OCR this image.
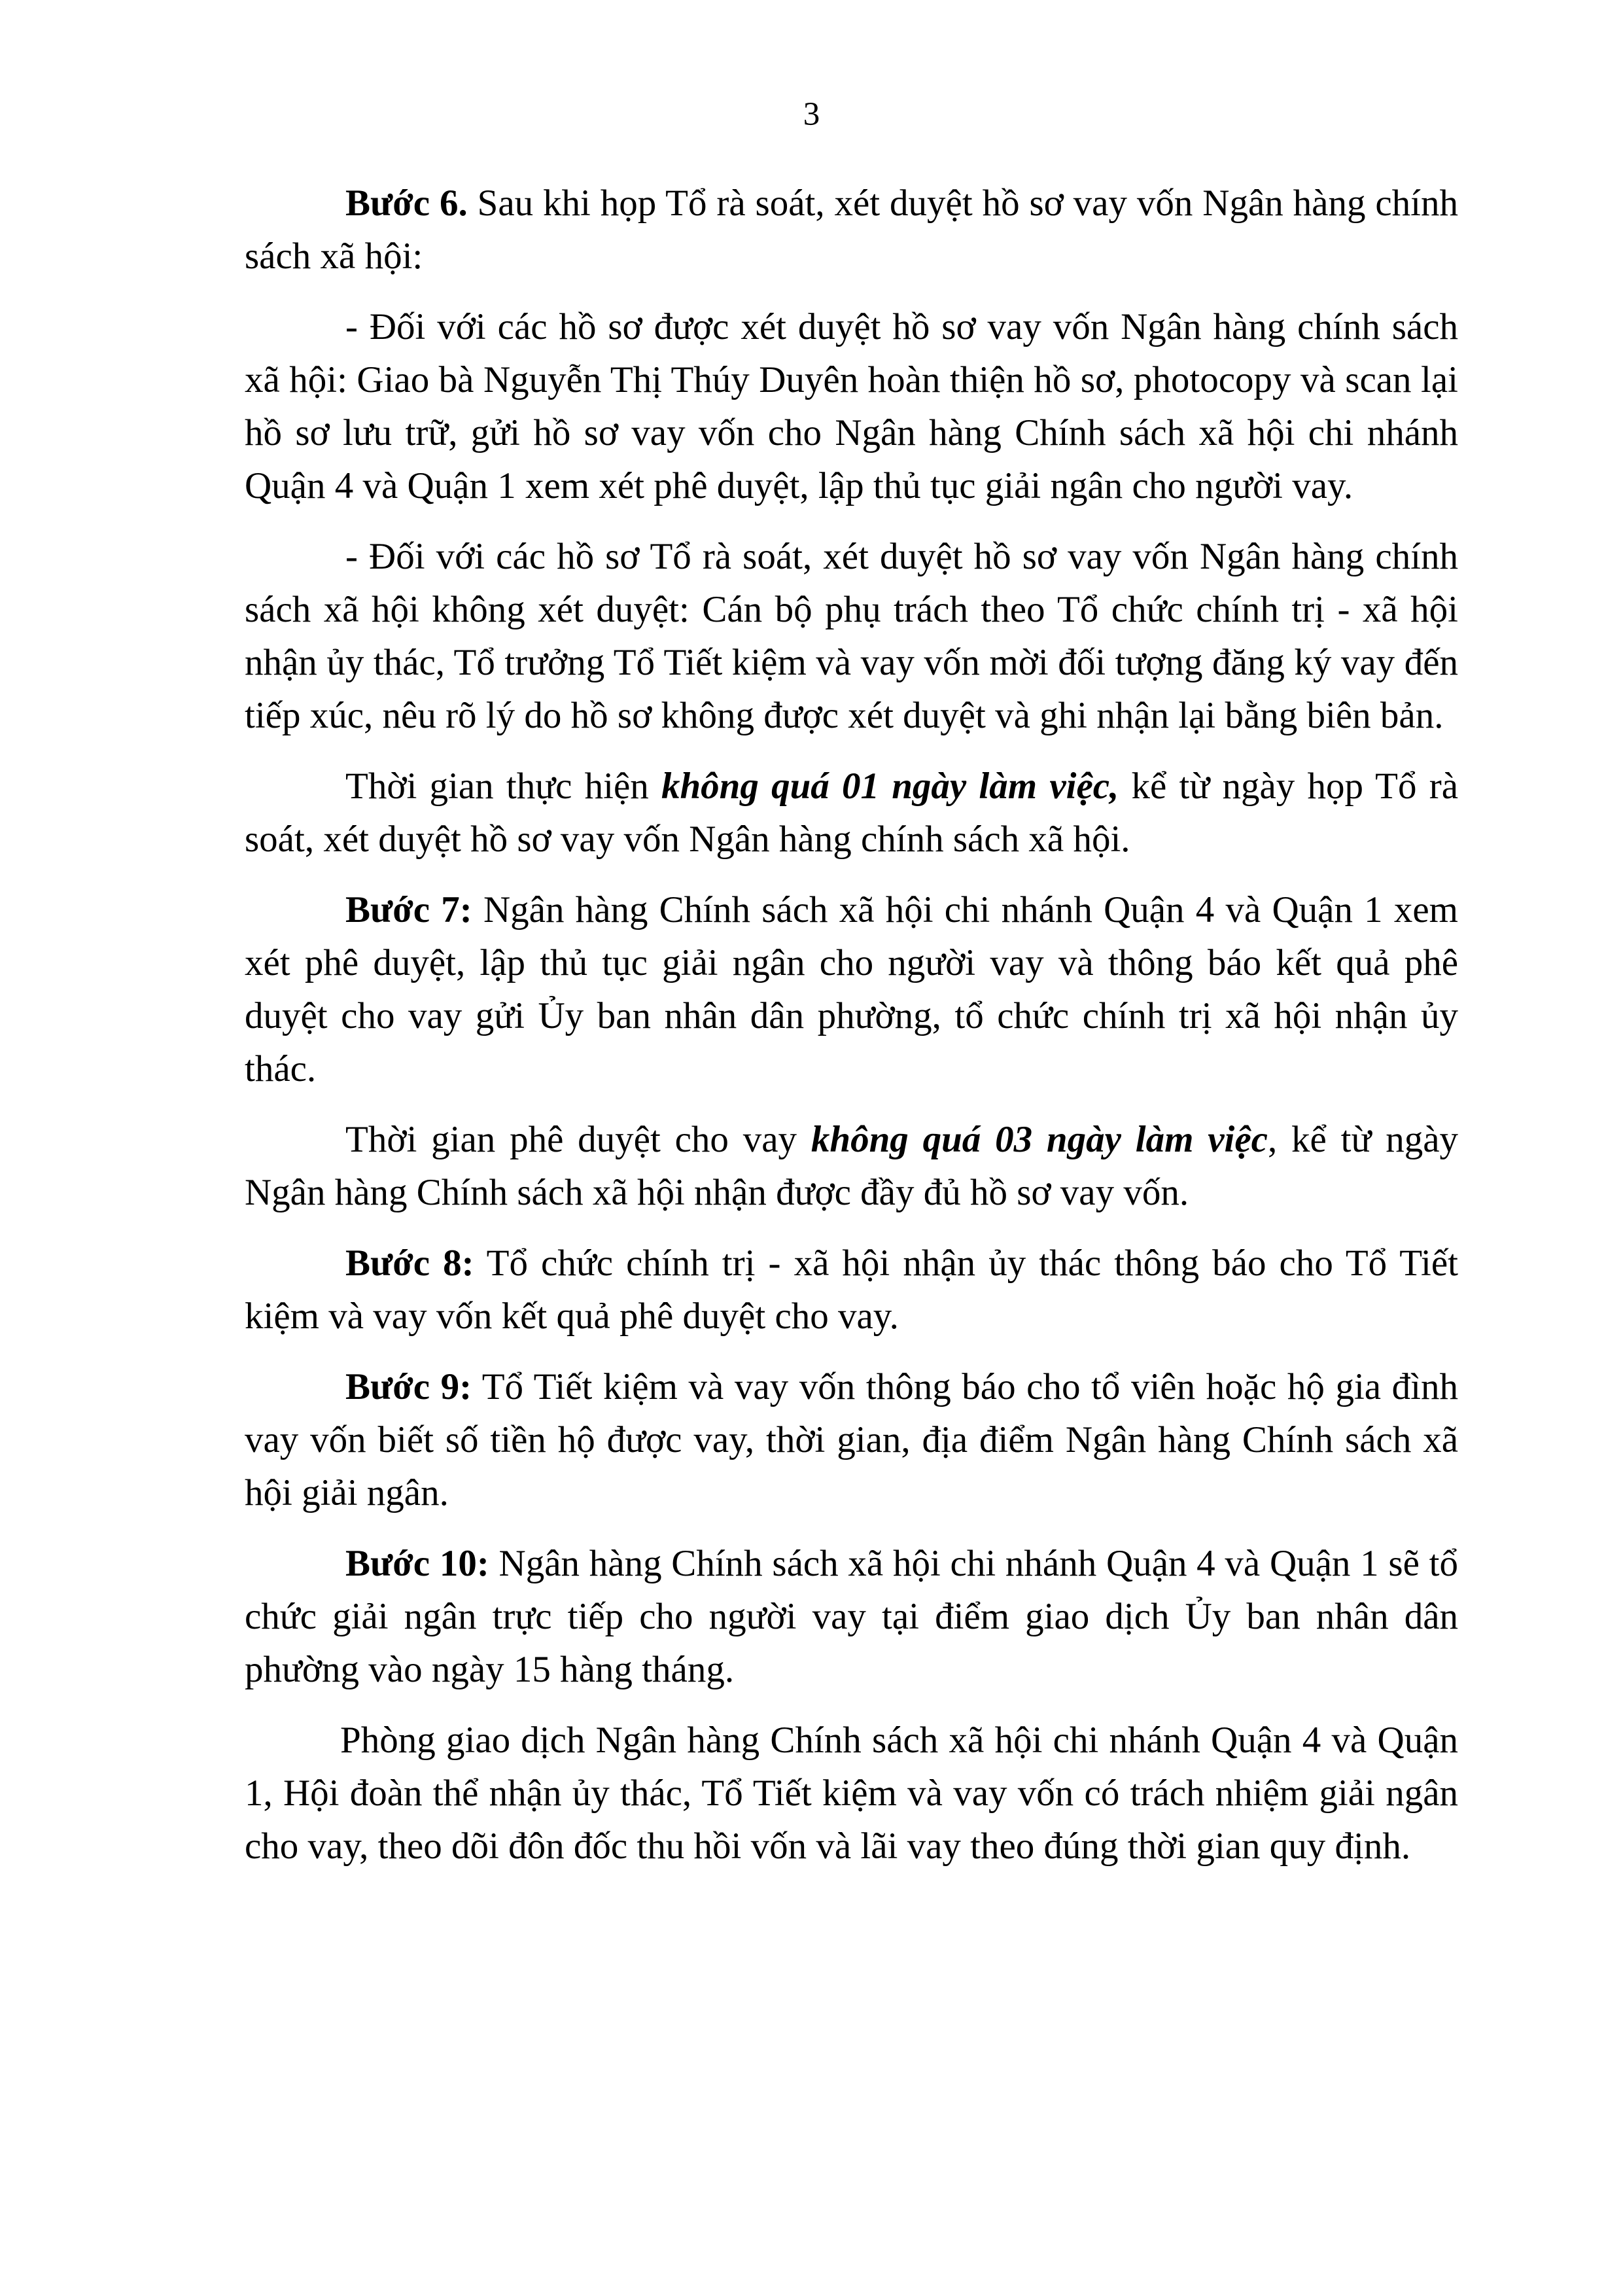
3

Bước 6. Sau khi họp Tổ rà soát, xét duyệt hồ sơ vay vốn Ngân hàng chính sách xã hội:

- Đối với các hồ sơ được xét duyệt hồ sơ vay vốn Ngân hàng chính sách xã hội: Giao bà Nguyễn Thị Thúy Duyên hoàn thiện hồ sơ, photocopy và scan lại hồ sơ lưu trữ, gửi hồ sơ vay vốn cho Ngân hàng Chính sách xã hội chi nhánh Quận 4 và Quận 1 xem xét phê duyệt, lập thủ tục giải ngân cho người vay.

- Đối với các hồ sơ Tổ rà soát, xét duyệt hồ sơ vay vốn Ngân hàng chính sách xã hội không xét duyệt: Cán bộ phụ trách theo Tổ chức chính trị - xã hội nhận ủy thác, Tổ trưởng Tổ Tiết kiệm và vay vốn mời đối tượng đăng ký vay đến tiếp xúc, nêu rõ lý do hồ sơ không được xét duyệt và ghi nhận lại bằng biên bản.

Thời gian thực hiện không quá 01 ngày làm việc, kể từ ngày họp Tổ rà soát, xét duyệt hồ sơ vay vốn Ngân hàng chính sách xã hội.

Bước 7: Ngân hàng Chính sách xã hội chi nhánh Quận 4 và Quận 1 xem xét phê duyệt, lập thủ tục giải ngân cho người vay và thông báo kết quả phê duyệt cho vay gửi Ủy ban nhân dân phường, tổ chức chính trị xã hội nhận ủy thác.

Thời gian phê duyệt cho vay không quá 03 ngày làm việc, kể từ ngày Ngân hàng Chính sách xã hội nhận được đầy đủ hồ sơ vay vốn.

Bước 8: Tổ chức chính trị - xã hội nhận ủy thác thông báo cho Tổ Tiết kiệm và vay vốn kết quả phê duyệt cho vay.

Bước 9: Tổ Tiết kiệm và vay vốn thông báo cho tổ viên hoặc hộ gia đình vay vốn biết số tiền hộ được vay, thời gian, địa điểm Ngân hàng Chính sách xã hội giải ngân.

Bước 10: Ngân hàng Chính sách xã hội chi nhánh Quận 4 và Quận 1 sẽ tổ chức giải ngân trực tiếp cho người vay tại điểm giao dịch Ủy ban nhân dân phường vào ngày 15 hàng tháng.

Phòng giao dịch Ngân hàng Chính sách xã hội chi nhánh Quận 4 và Quận 1, Hội đoàn thể nhận ủy thác, Tổ Tiết kiệm và vay vốn có trách nhiệm giải ngân cho vay, theo dõi đôn đốc thu hồi vốn và lãi vay theo đúng thời gian quy định.
